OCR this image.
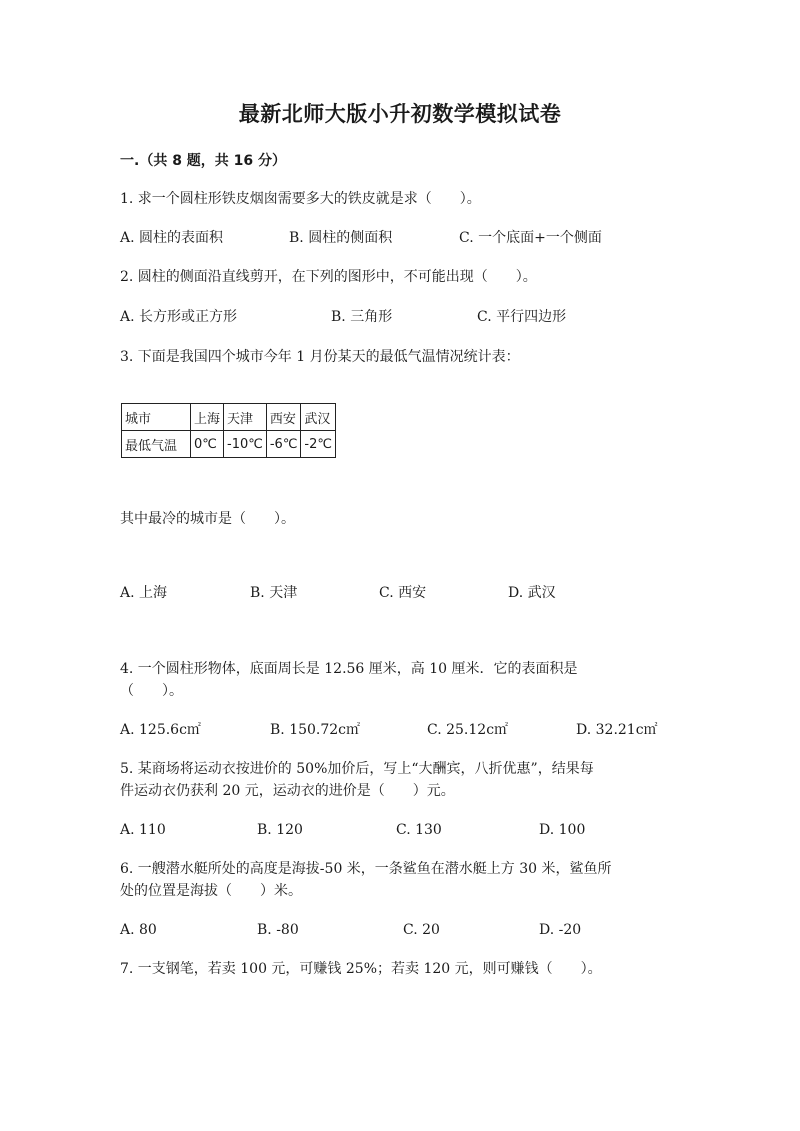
最新北师大版小升初数学模拟试卷
一.（共 8 题，共 16 分）
1. 求一个圆柱形铁皮烟囱需要多大的铁皮就是求（　　）。
A. 圆柱的表面积	B. 圆柱的侧面积	C. 一个底面+一个侧面
2. 圆柱的侧面沿直线剪开，在下列的图形中，不可能出现（　　）。
A. 长方形或正方形	B. 三角形	C. 平行四边形
3. 下面是我国四个城市今年 1 月份某天的最低气温情况统计表：
城市	上海	天津	西安	武汉
最低气温	0℃	-10℃	-6℃	-2℃
其中最冷的城市是（　　）。
A. 上海	B. 天津	C. 西安	D. 武汉
4. 一个圆柱形物体，底面周长是 12.56 厘米，高 10 厘米．它的表面积是
（　　）。
A. 125.6c㎡	B. 150.72c㎡	C. 25.12c㎡	D. 32.21c㎡
5. 某商场将运动衣按进价的 50%加价后，写上“大酬宾，八折优惠”，结果每
件运动衣仍获利 20 元，运动衣的进价是（　　）元。
A. 110	B. 120	C. 130	D. 100
6. 一艘潜水艇所处的高度是海拔-50 米，一条鲨鱼在潜水艇上方 30 米，鲨鱼所
处的位置是海拔（　　）米。
A. 80	B. -80	C. 20	D. -20
7. 一支钢笔，若卖 100 元，可赚钱 25%；若卖 120 元，则可赚钱（　　）。
